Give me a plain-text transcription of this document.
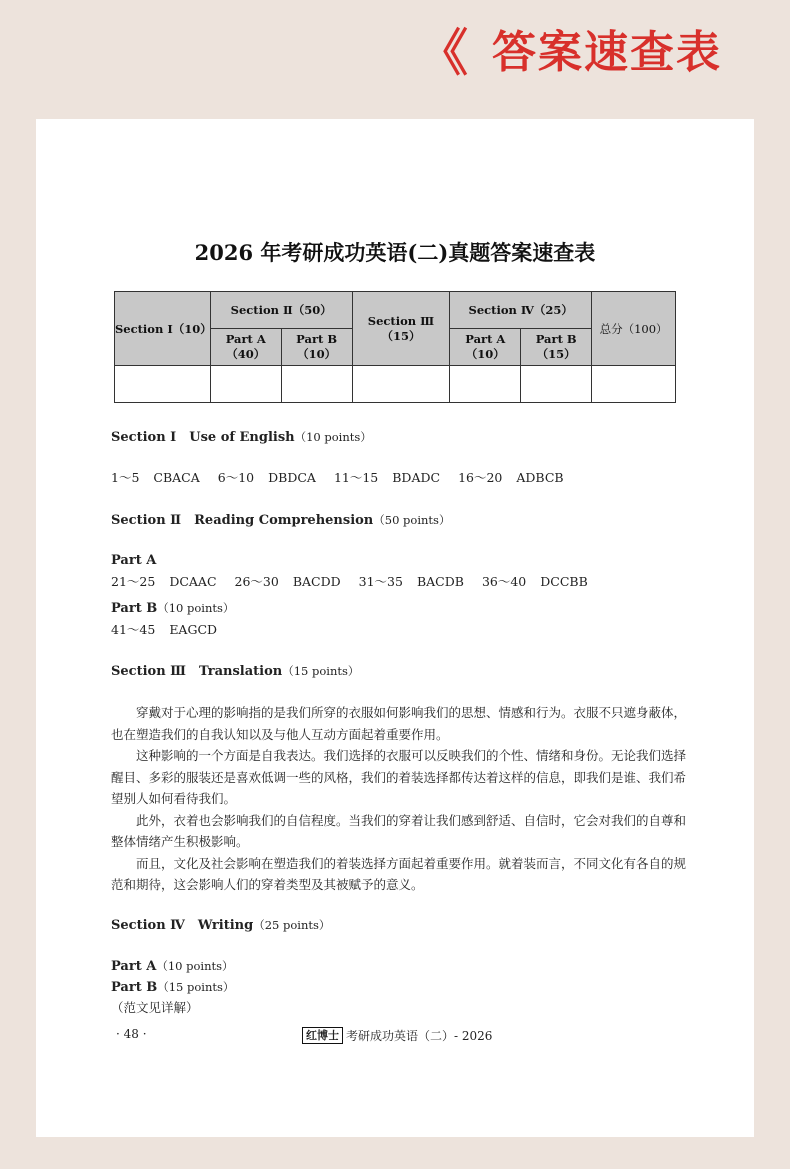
《 答案速查表
2026 年考研成功英语(二)真题答案速查表
Section Ⅰ（10）	Section Ⅱ（50）		Section Ⅲ（15）	Section Ⅳ（25）		总分（100）
	Part A（40）	Part B（10）		Part A（10）	Part B（15）	

Section Ⅰ　Use of English（10 points）
1～5 CBACA 6～10 DBDCA 11～15 BDADC 16～20 ADBCB
Section Ⅱ　Reading Comprehension（50 points）
Part A
21～25 DCAAC 26～30 BACDD 31～35 BACDB 36～40 DCCBB
Part B（10 points）
41～45 EAGCD
Section Ⅲ　Translation（15 points）

穿戴对于心理的影响指的是我们所穿的衣服如何影响我们的思想、情感和行为。衣服不只遮身蔽体，也在塑造我们的自我认知以及与他人互动方面起着重要作用。

这种影响的一个方面是自我表达。我们选择的衣服可以反映我们的个性、情绪和身份。无论我们选择醒目、多彩的服装还是喜欢低调一些的风格，我们的着装选择都传达着这样的信息，即我们是谁、我们希望别人如何看待我们。

此外，衣着也会影响我们的自信程度。当我们的穿着让我们感到舒适、自信时，它会对我们的自尊和整体情绪产生积极影响。

而且，文化及社会影响在塑造我们的着装选择方面起着重要作用。就着装而言，不同文化有各自的规范和期待，这会影响人们的穿着类型及其被赋予的意义。

Section Ⅳ　Writing（25 points）
Part A（10 points）
Part B（15 points）
（范文见详解）
· 48 ·	红博士 考研成功英语（二）- 2026
